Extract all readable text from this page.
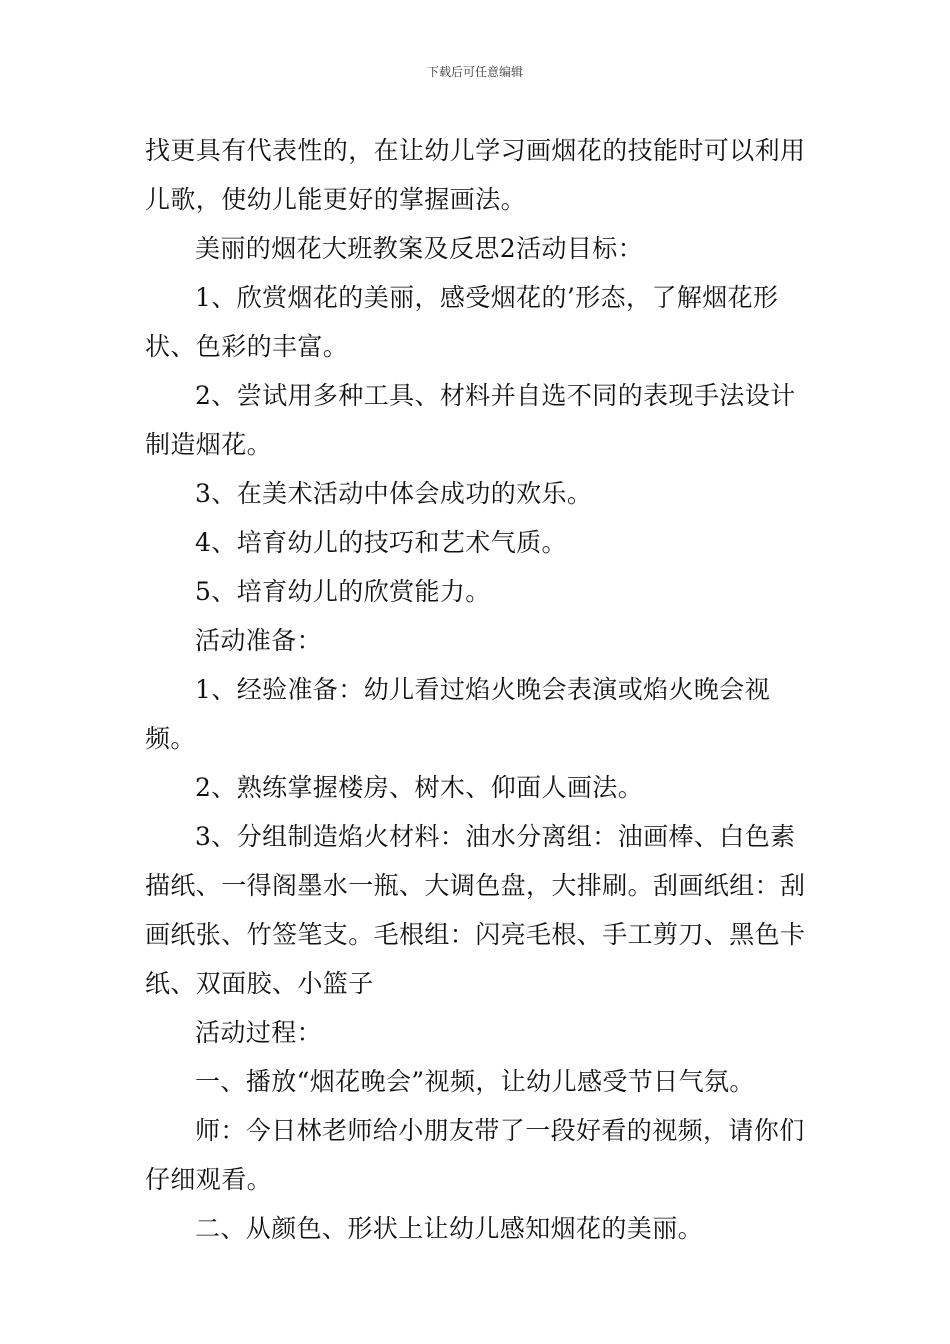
下载后可任意编辑

找更具有代表性的，在让幼儿学习画烟花的技能时可以利用儿歌，使幼儿能更好的掌握画法。

美丽的烟花大班教案及反思2活动目标：

1、欣赏烟花的美丽，感受烟花的’形态，了解烟花形状、色彩的丰富。

2、尝试用多种工具、材料并自选不同的表现手法设计制造烟花。

3、在美术活动中体会成功的欢乐。

4、培育幼儿的技巧和艺术气质。

5、培育幼儿的欣赏能力。

活动准备：

1、经验准备：幼儿看过焰火晚会表演或焰火晚会视频。

2、熟练掌握楼房、树木、仰面人画法。

3、分组制造焰火材料：油水分离组：油画棒、白色素描纸、一得阁墨水一瓶、大调色盘，大排刷。刮画纸组：刮画纸张、竹签笔支。毛根组：闪亮毛根、手工剪刀、黑色卡纸、双面胶、小篮子

活动过程：

一、播放“烟花晚会”视频，让幼儿感受节日气氛。

师：今日林老师给小朋友带了一段好看的视频，请你们仔细观看。

二、从颜色、形状上让幼儿感知烟花的美丽。
